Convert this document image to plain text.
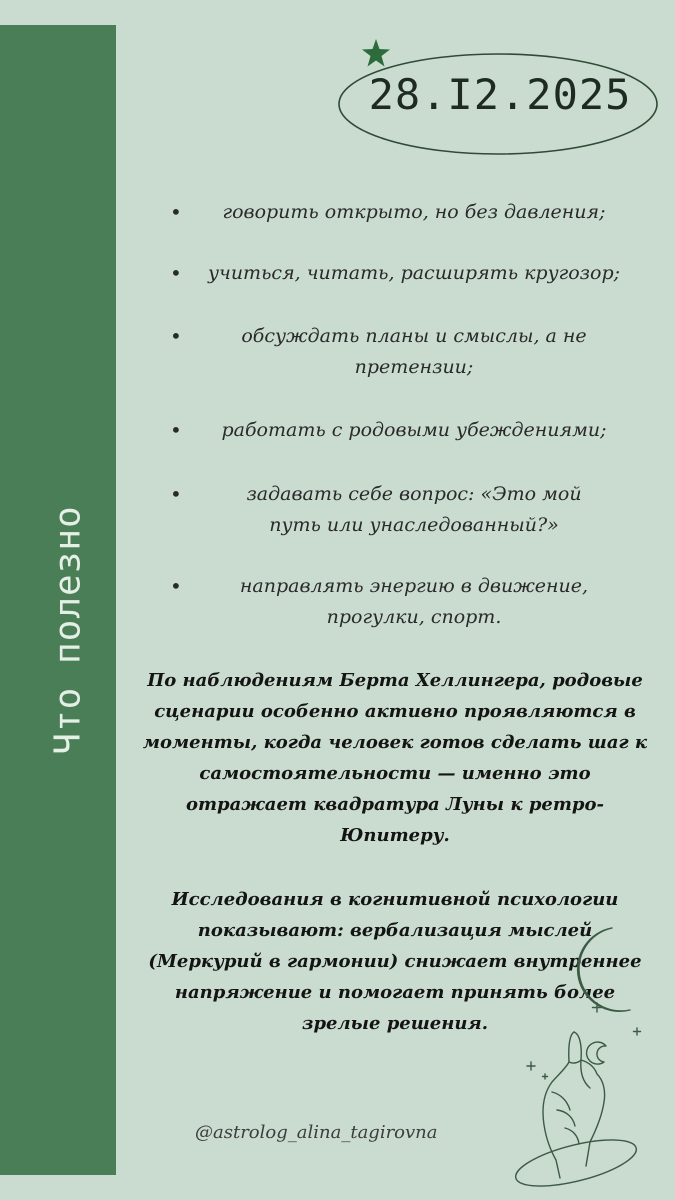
Что полезно
28.I2.2025
•	говорить открыто, но без давления;
•	учиться, читать, расширять кругозор;
•	обсуждать планы и смыслы, а не претензии;
•	работать с родовыми убеждениями;
•	задавать себе вопрос: «Это мой путь или унаследованный?»
•	направлять энергию в движение, прогулки, спорт.
По наблюдениям Берта Хеллингера, родовые сценарии особенно активно проявляются в моменты, когда человек готов сделать шаг к самостоятельности — именно это отражает квадратура Луны к ретро-Юпитеру.
Исследования в когнитивной психологии показывают: вербализация мыслей (Меркурий в гармонии) снижает внутреннее напряжение и помогает принять более зрелые решения.
@astrolog_alina_tagirovna
